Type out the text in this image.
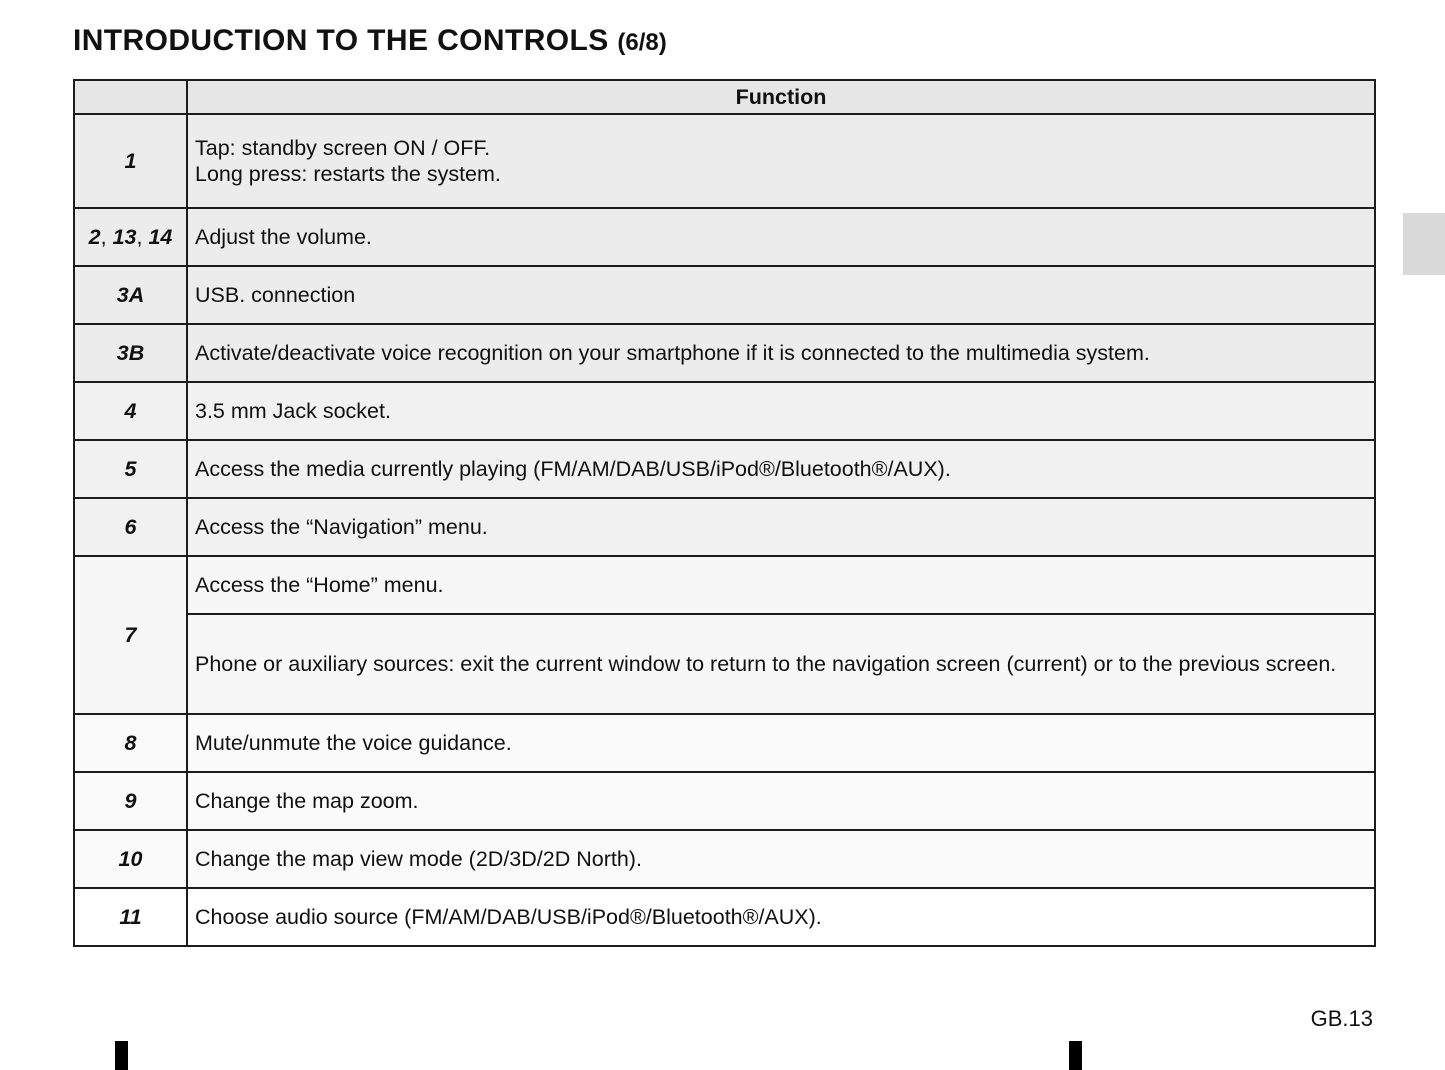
INTRODUCTION TO THE CONTROLS (6/8)
	Function
1	Tap: standby screen ON / OFF.
Long press: restarts the system.

2, 13, 14	Adjust the volume.
3A	USB. connection
3B	Activate/deactivate voice recognition on your smartphone if it is connected to the multimedia system.
4	3.5 mm Jack socket.
5	Access the media currently playing (FM/AM/DAB/USB/iPod®/Bluetooth®/AUX).
6	Access the “Navigation” menu.
7	Access the “Home” menu.
	Phone or auxiliary sources: exit the current window to return to the navigation screen (current) or to the previous screen.
8	Mute/unmute the voice guidance.
9	Change the map zoom.
10	Change the map view mode (2D/3D/2D North).
11	Choose audio source (FM/AM/DAB/USB/iPod®/Bluetooth®/AUX).
GB.13
